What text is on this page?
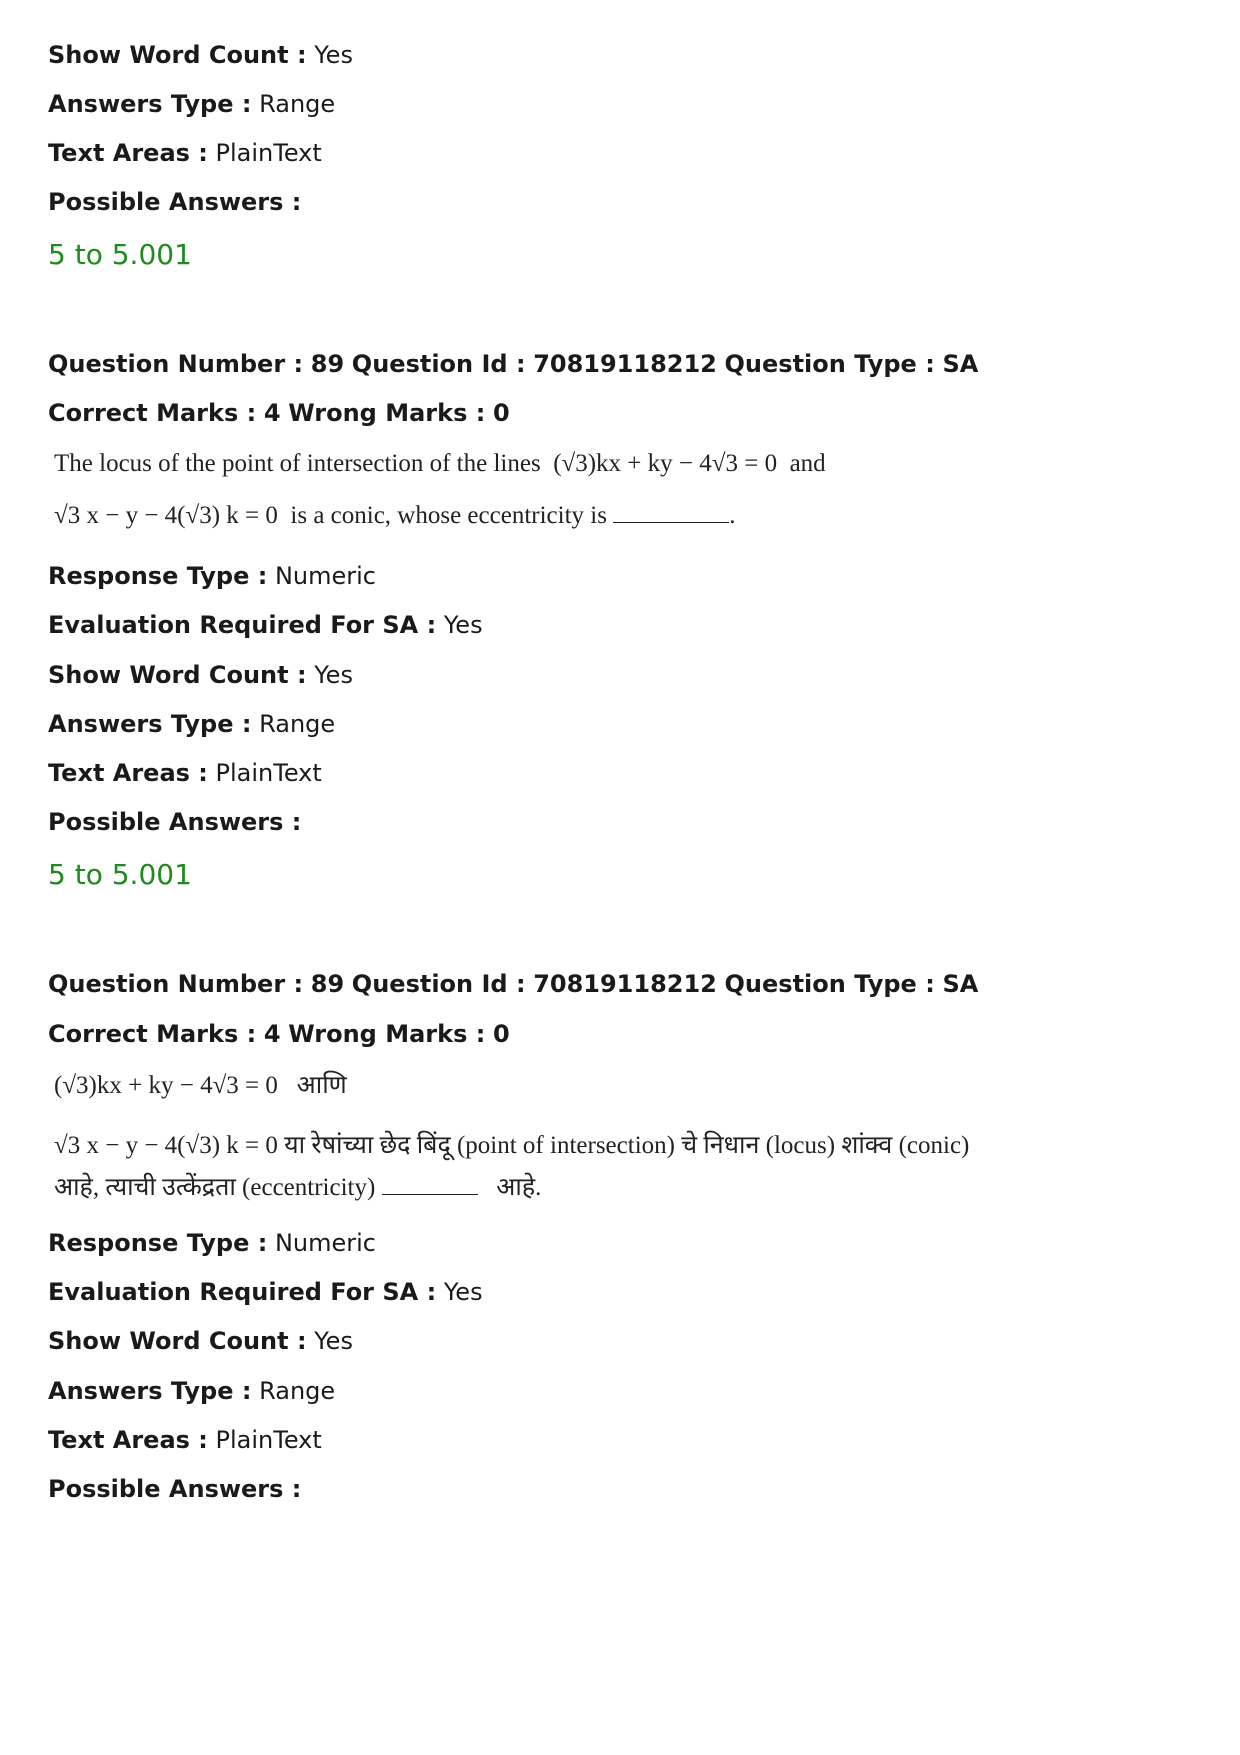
Show Word Count : Yes
Answers Type : Range
Text Areas : PlainText
Possible Answers :
5 to 5.001
Question Number : 89 Question Id : 70819118212 Question Type : SA
Correct Marks : 4 Wrong Marks : 0
The locus of the point of intersection of the lines (√3)kx + ky − 4√3 = 0 and
√3 x − y − 4(√3) k = 0 is a conic, whose eccentricity is	.
Response Type : Numeric
Evaluation Required For SA : Yes
Show Word Count : Yes
Answers Type : Range
Text Areas : PlainText
Possible Answers :
5 to 5.001
Question Number : 89 Question Id : 70819118212 Question Type : SA
Correct Marks : 4 Wrong Marks : 0
(√3)kx + ky − 4√3 = 0 आणि
√3 x − y − 4(√3) k = 0 या रेषांच्या छेद बिंदू (point of intersection) चे निधान (locus) शांक्व (conic)
आहे, त्याची उत्केंद्रता (eccentricity)	आहे.
Response Type : Numeric
Evaluation Required For SA : Yes
Show Word Count : Yes
Answers Type : Range
Text Areas : PlainText
Possible Answers :
